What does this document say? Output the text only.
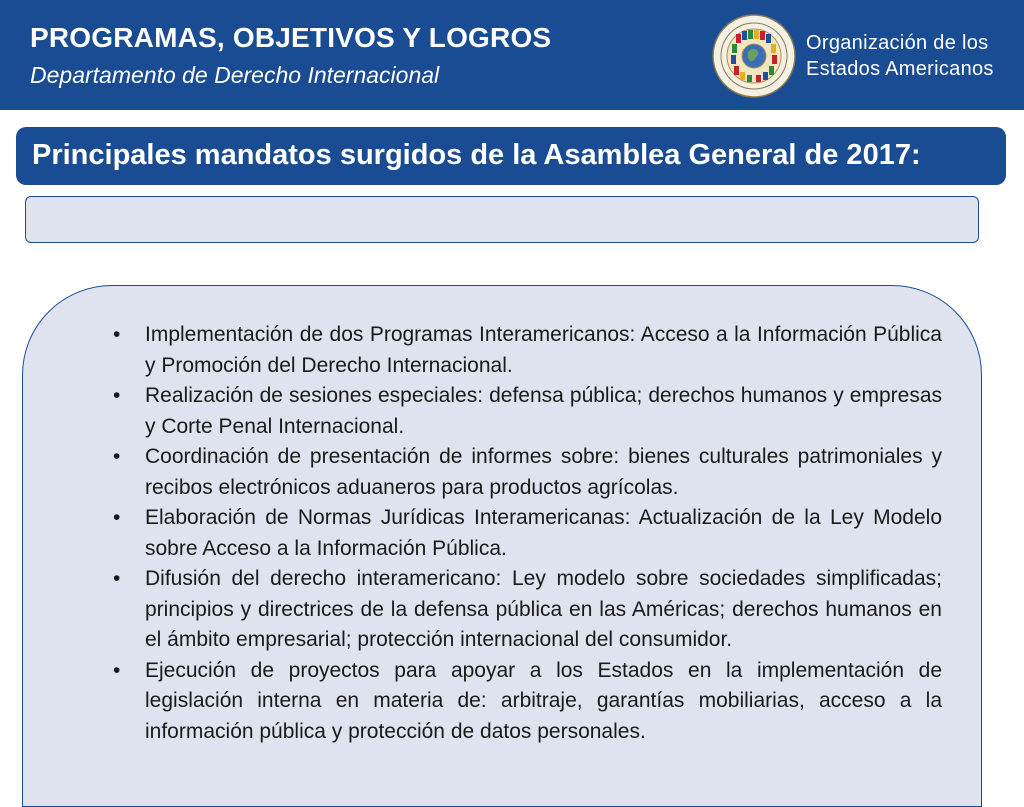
PROGRAMAS, OBJETIVOS Y LOGROS
Departamento de Derecho Internacional
Organización de los
Estados Americanos
Principales mandatos surgidos de la Asamblea General de 2017:
• Implementación de dos Programas Interamericanos: Acceso a la Información Pública y Promoción del Derecho Internacional.
• Realización de sesiones especiales: defensa pública; derechos humanos y empresas y Corte Penal Internacional.
• Coordinación de presentación de informes sobre: bienes culturales patrimoniales y recibos electrónicos aduaneros para productos agrícolas.
• Elaboración de Normas Jurídicas Interamericanas: Actualización de la Ley Modelo sobre Acceso a la Información Pública.
• Difusión del derecho interamericano: Ley modelo sobre sociedades simplificadas; principios y directrices de la defensa pública en las Américas; derechos humanos en el ámbito empresarial; protección internacional del consumidor.
• Ejecución de proyectos para apoyar a los Estados en la implementación de legislación interna en materia de: arbitraje, garantías mobiliarias, acceso a la información pública y protección de datos personales.
